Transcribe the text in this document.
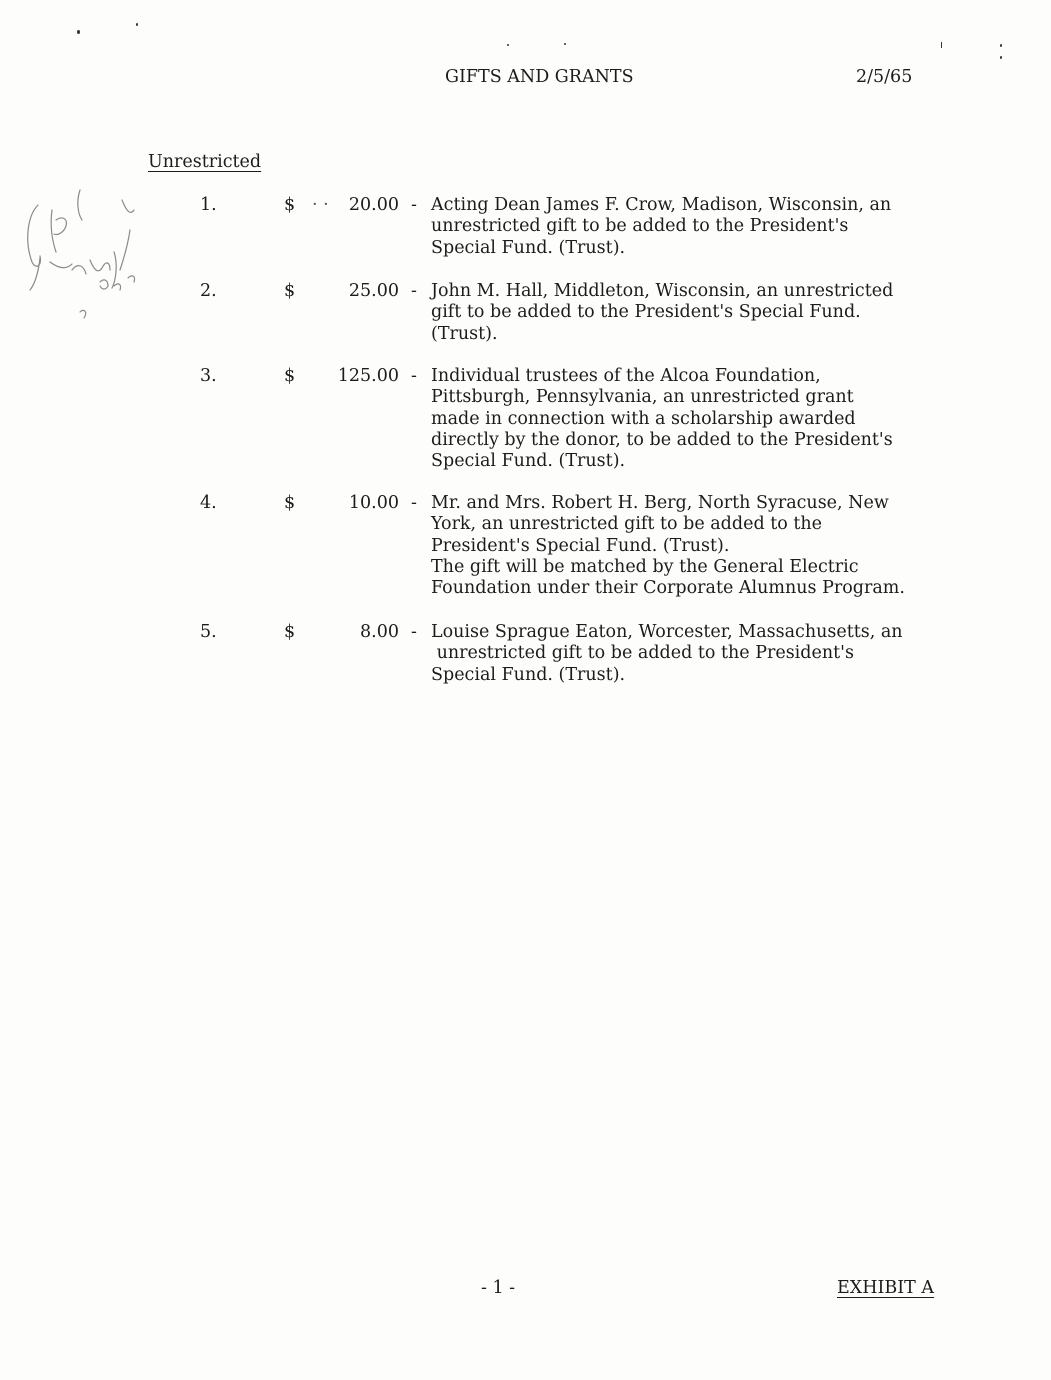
GIFTS AND GRANTS	2/5/65
Unrestricted
1.	$ · · 20.00 - Acting Dean James F. Crow, Madison, Wisconsin, an
unrestricted gift to be added to the President's
Special Fund. (Trust).
2.	$	25.00 - John M. Hall, Middleton, Wisconsin, an unrestricted
gift to be added to the President's Special Fund.
(Trust).
3.	$ 125.00 - Individual trustees of the Alcoa Foundation,
Pittsburgh, Pennsylvania, an unrestricted grant
made in connection with a scholarship awarded
directly by the donor, to be added to the President's
Special Fund. (Trust).
4.	$	10.00 - Mr. and Mrs. Robert H. Berg, North Syracuse, New
York, an unrestricted gift to be added to the
President's Special Fund. (Trust).
The gift will be matched by the General Electric
Foundation under their Corporate Alumnus Program.
5.	$	8.00 - Louise Sprague Eaton, Worcester, Massachusetts, an
unrestricted gift to be added to the President's
Special Fund. (Trust).
- 1 -	EXHIBIT A
